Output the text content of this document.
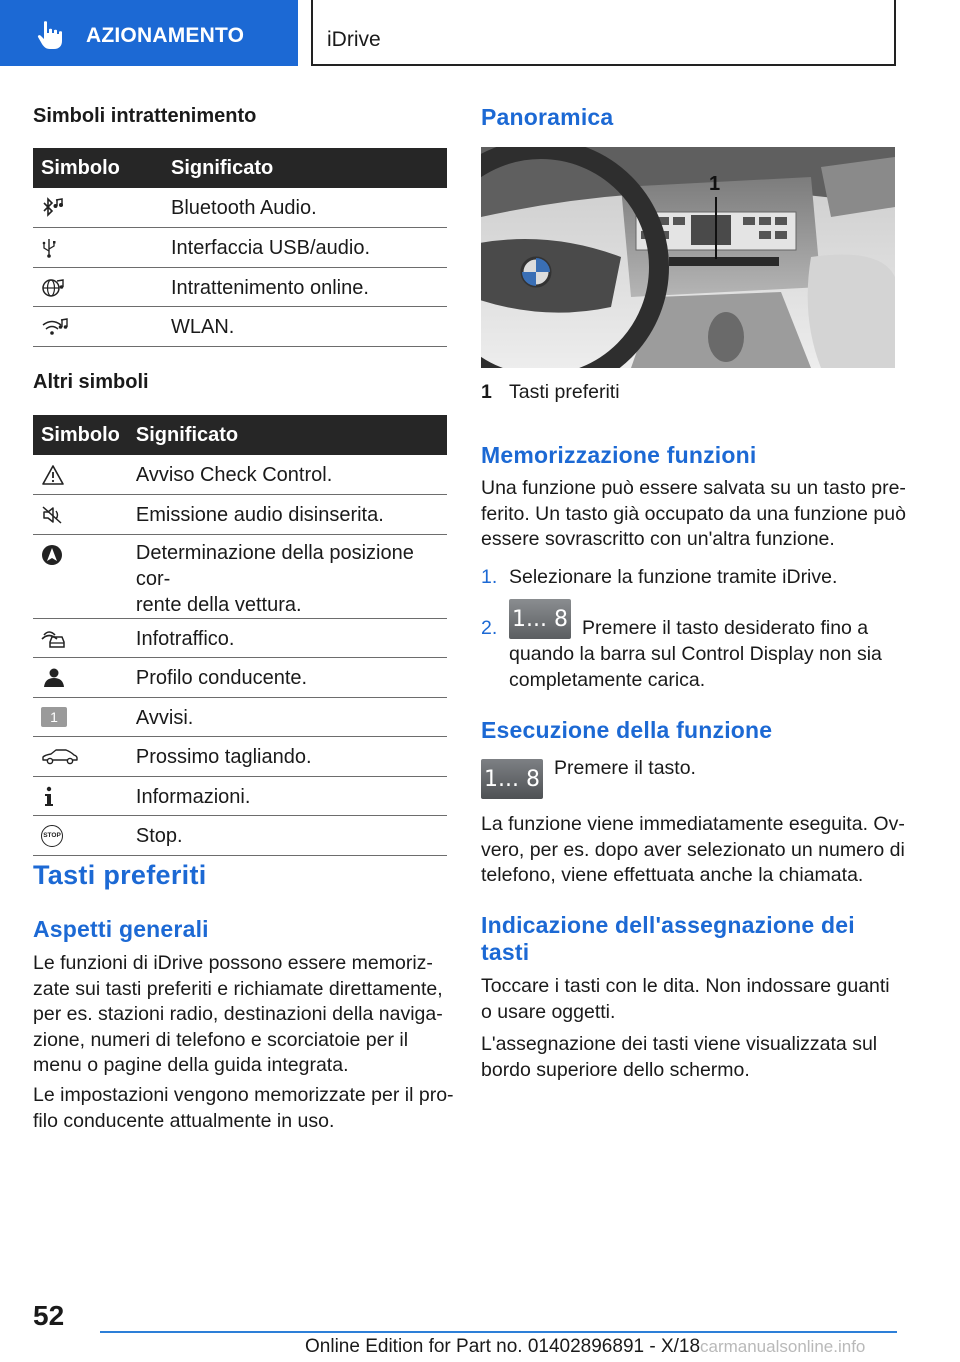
AZIONAMENTO	iDrive
Simboli intrattenimento
Simbolo	Significato

	Bluetooth Audio.

	Interfaccia USB/audio.

	Intrattenimento online.

	WLAN.
Altri simboli
Simbolo	Significato

	Avviso Check Control.

	Emissione audio disinserita.

	Determinazione della posizione cor-
rente della vettura.

	Infotraffico.

	Profilo conducente.

1	Avvisi.

	Prossimo tagliando.

	Informazioni.

STOP	Stop.
Tasti preferiti
Aspetti generali
Le funzioni di iDrive possono essere memoriz-
zate sui tasti preferiti e richiamate direttamente,
per es. stazioni radio, destinazioni della naviga-
zione, numeri di telefono e scorciatoie per il
menu o pagine della guida integrata.
Le impostazioni vengono memorizzate per il pro-
filo conducente attualmente in uso.
Panoramica
1
1 Tasti preferiti
Memorizzazione funzioni
Una funzione può essere salvata su un tasto pre-
ferito. Un tasto già occupato da una funzione può
essere sovrascritto con un'altra funzione.
1. Selezionare la funzione tramite iDrive.
2. 1... 8 Premere il tasto desiderato fino a
quando la barra sul Control Display non sia
completamente carica.
Esecuzione della funzione
1... 8 Premere il tasto.
La funzione viene immediatamente eseguita. Ov-
vero, per es. dopo aver selezionato un numero di
telefono, viene effettuata anche la chiamata.
Indicazione dell'assegnazione dei
tasti
Toccare i tasti con le dita. Non indossare guanti
o usare oggetti.
L'assegnazione dei tasti viene visualizzata sul
bordo superiore dello schermo.
52
Online Edition for Part no. 01402896891 - X/18 carmanualsonline.info
